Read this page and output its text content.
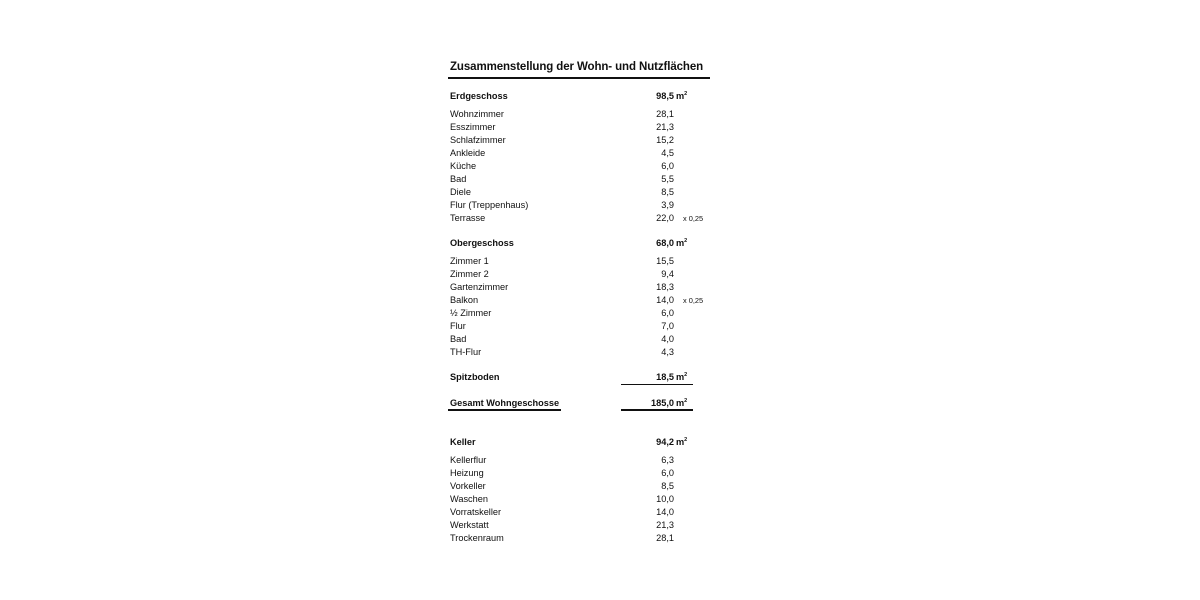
Zusammenstellung der Wohn- und Nutzflächen
Erdgeschoss	98,5 $m^2$
Wohnzimmer	28,1
Esszimmer	21,3
Schlafzimmer	15,2
Ankleide	4,5
Küche	6,0
Bad	5,5
Diele	8,5
Flur (Treppenhaus)	3,9
Terrasse	22,0 x 0,25
Obergeschoss	68,0 $m^2$
Zimmer 1	15,5
Zimmer 2	9,4
Gartenzimmer	18,3
Balkon	14,0 x 0,25
½ Zimmer	6,0
Flur	7,0
Bad	4,0
TH-Flur	4,3
Spitzboden	18,5 $m^2$
Gesamt Wohngeschosse	185,0 $m^2$
Keller	94,2 $m^2$
Kellerflur	6,3
Heizung	6,0
Vorkeller	8,5
Waschen	10,0
Vorratskeller	14,0
Werkstatt	21,3
Trockenraum	28,1
